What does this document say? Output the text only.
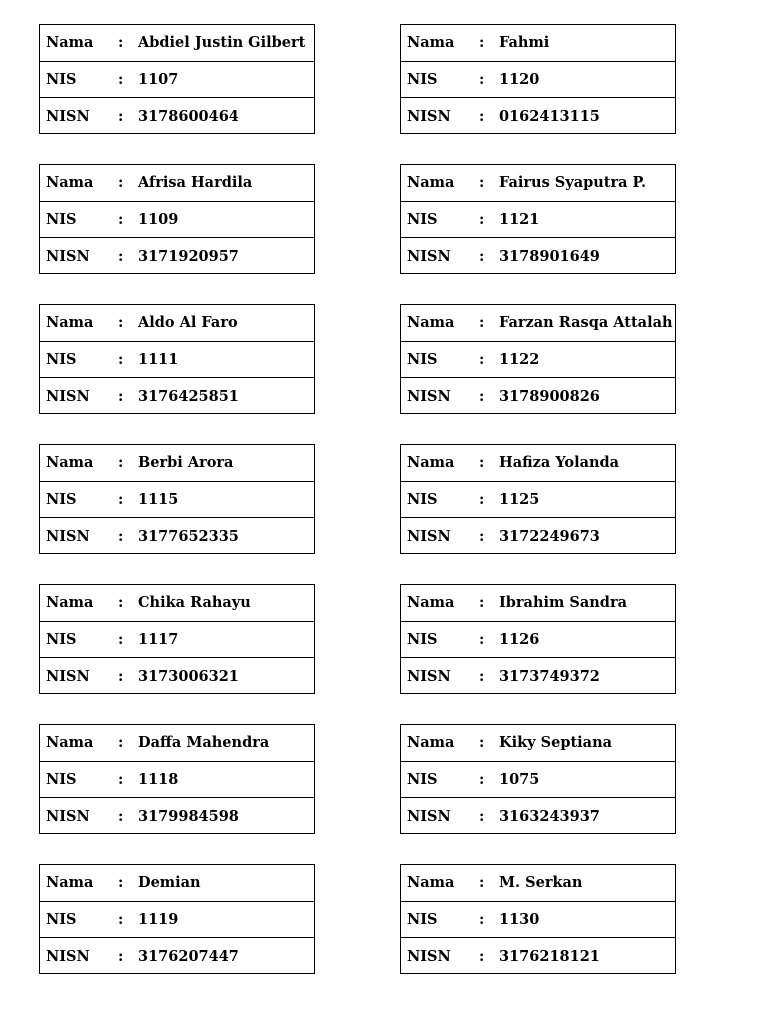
Nama : Abdiel Justin Gilbert
NIS	: 1107
NISN : 3178600464
Nama : Fahmi
NIS	: 1120
NISN : 0162413115
Nama : Afrisa Hardila
NIS	: 1109
NISN : 3171920957
Nama : Fairus Syaputra P.
NIS	: 1121
NISN : 3178901649
Nama : Aldo Al Faro
NIS	: 1111
NISN : 3176425851
Nama : Farzan Rasqa Attalah
NIS	: 1122
NISN : 3178900826
Nama : Berbi Arora
NIS	: 1115
NISN : 3177652335
Nama : Hafiza Yolanda
NIS	: 1125
NISN : 3172249673
Nama : Chika Rahayu
NIS	: 1117
NISN : 3173006321
Nama : Ibrahim Sandra
NIS	: 1126
NISN : 3173749372
Nama : Daffa Mahendra
NIS	: 1118
NISN : 3179984598
Nama : Kiky Septiana
NIS	: 1075
NISN : 3163243937
Nama : Demian
NIS	: 1119
NISN : 3176207447
Nama : M. Serkan
NIS	: 1130
NISN : 3176218121
